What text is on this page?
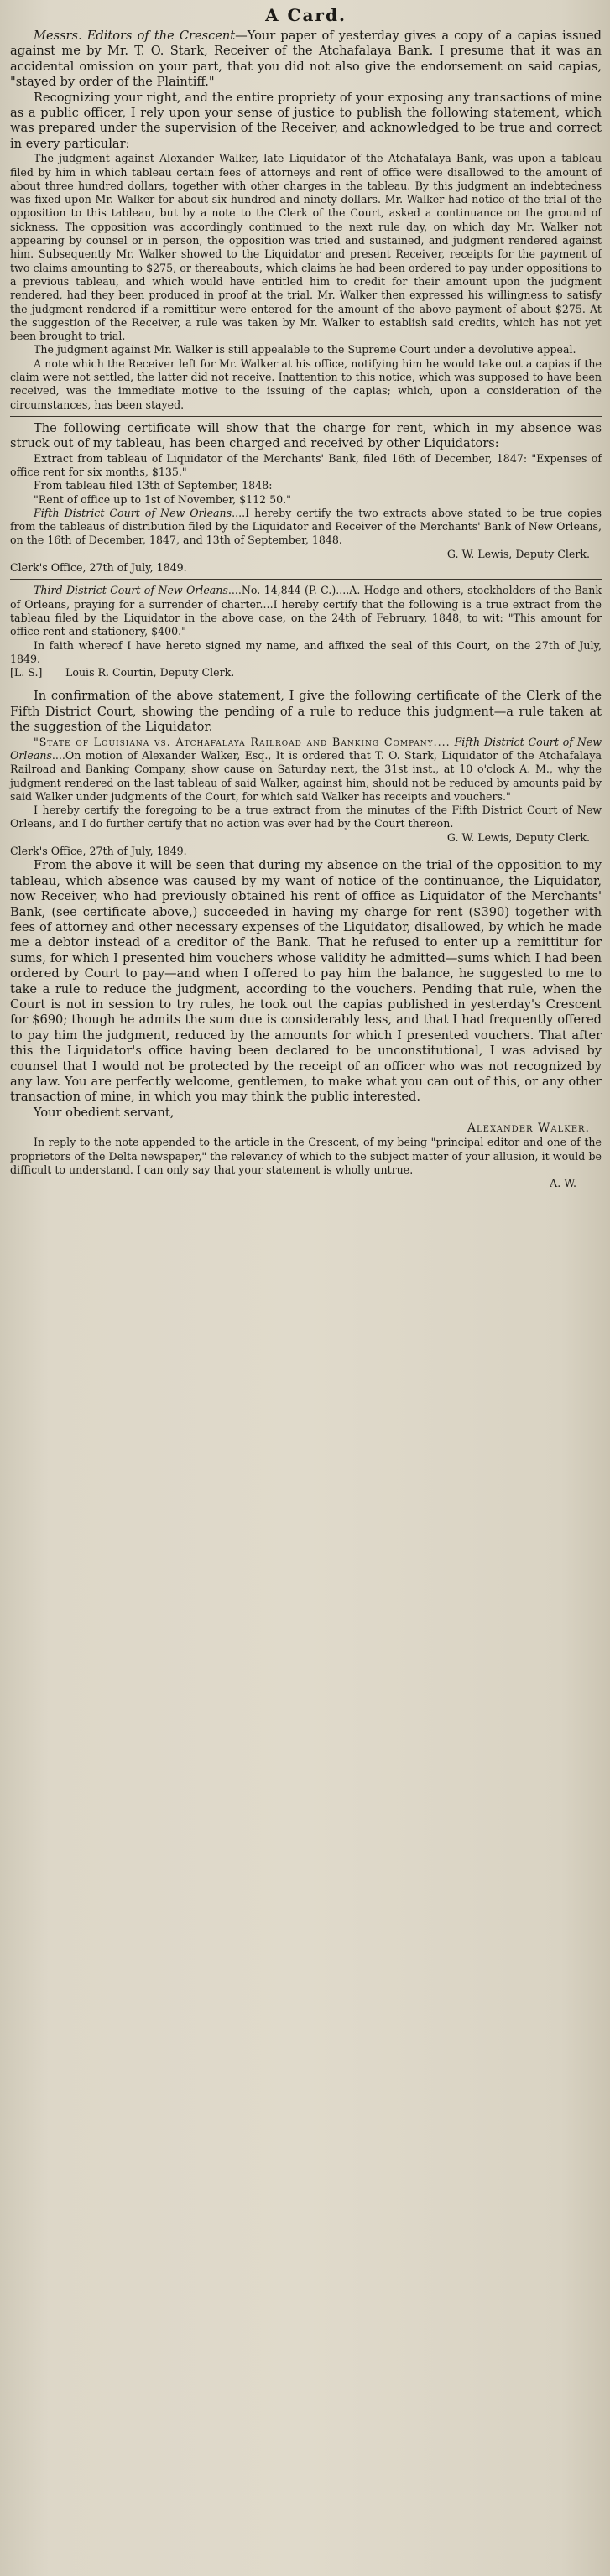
A Card.

Messrs. Editors of the Crescent—Your paper of yesterday gives a copy of a capias issued against me by Mr. T. O. Stark, Receiver of the Atchafalaya Bank. I presume that it was an accidental omission on your part, that you did not also give the endorsement on said capias, "stayed by order of the Plaintiff."

Recognizing your right, and the entire propriety of your exposing any transactions of mine as a public officer, I rely upon your sense of justice to publish the following statement, which was prepared under the supervision of the Receiver, and acknowledged to be true and correct in every particular:

The judgment against Alexander Walker, late Liquidator of the Atchafalaya Bank, was upon a tableau filed by him in which tableau certain fees of attorneys and rent of office were disallowed to the amount of about three hundred dollars, together with other charges in the tableau. By this judgment an indebtedness was fixed upon Mr. Walker for about six hundred and ninety dollars. Mr. Walker had notice of the trial of the opposition to this tableau, but by a note to the Clerk of the Court, asked a continuance on the ground of sickness. The opposition was accordingly continued to the next rule day, on which day Mr. Walker not appearing by counsel or in person, the opposition was tried and sustained, and judgment rendered against him. Subsequently Mr. Walker showed to the Liquidator and present Receiver, receipts for the payment of two claims amounting to $275, or thereabouts, which claims he had been ordered to pay under oppositions to a previous tableau, and which would have entitled him to credit for their amount upon the judgment rendered, had they been produced in proof at the trial. Mr. Walker then expressed his willingness to satisfy the judgment rendered if a remittitur were entered for the amount of the above payment of about $275. At the suggestion of the Receiver, a rule was taken by Mr. Walker to establish said credits, which has not yet been brought to trial.

The judgment against Mr. Walker is still appealable to the Supreme Court under a devolutive appeal.

A note which the Receiver left for Mr. Walker at his office, notifying him he would take out a capias if the claim were not settled, the latter did not receive. Inattention to this notice, which was supposed to have been received, was the immediate motive to the issuing of the capias; which, upon a consideration of the circumstances, has been stayed.

The following certificate will show that the charge for rent, which in my absence was struck out of my tableau, has been charged and received by other Liquidators:

Extract from tableau of Liquidator of the Merchants' Bank, filed 16th of December, 1847: "Expenses of office rent for six months, $135."

From tableau filed 13th of September, 1848:

"Rent of office up to 1st of November, $112 50."

Fifth District Court of New Orleans....I hereby certify the two extracts above stated to be true copies from the tableaus of distribution filed by the Liquidator and Receiver of the Merchants' Bank of New Orleans, on the 16th of December, 1847, and 13th of September, 1848.

G. W. Lewis, Deputy Clerk.

Clerk's Office, 27th of July, 1849.

Third District Court of New Orleans....No. 14,844 (P. C.)....A. Hodge and others, stockholders of the Bank of Orleans, praying for a surrender of charter....I hereby certify that the following is a true extract from the tableau filed by the Liquidator in the above case, on the 24th of February, 1848, to wit: "This amount for office rent and stationery, $400."

In faith whereof I have hereto signed my name, and affixed the seal of this Court, on the 27th of July, 1849.

[L. S.] Louis R. Courtin, Deputy Clerk.

In confirmation of the above statement, I give the following certificate of the Clerk of the Fifth District Court, showing the pending of a rule to reduce this judgment—a rule taken at the suggestion of the Liquidator.

"State of Louisiana vs. Atchafalaya Railroad and Banking Company.... Fifth District Court of New Orleans....On motion of Alexander Walker, Esq., It is ordered that T. O. Stark, Liquidator of the Atchafalaya Railroad and Banking Company, show cause on Saturday next, the 31st inst., at 10 o'clock A. M., why the judgment rendered on the last tableau of said Walker, against him, should not be reduced by amounts paid by said Walker under judgments of the Court, for which said Walker has receipts and vouchers."

I hereby certify the foregoing to be a true extract from the minutes of the Fifth District Court of New Orleans, and I do further certify that no action was ever had by the Court thereon.

G. W. Lewis, Deputy Clerk.

Clerk's Office, 27th of July, 1849.

From the above it will be seen that during my absence on the trial of the opposition to my tableau, which absence was caused by my want of notice of the continuance, the Liquidator, now Receiver, who had previously obtained his rent of office as Liquidator of the Merchants' Bank, (see certificate above,) succeeded in having my charge for rent ($390) together with fees of attorney and other necessary expenses of the Liquidator, disallowed, by which he made me a debtor instead of a creditor of the Bank. That he refused to enter up a remittitur for sums, for which I presented him vouchers whose validity he admitted—sums which I had been ordered by Court to pay—and when I offered to pay him the balance, he suggested to me to take a rule to reduce the judgment, according to the vouchers. Pending that rule, when the Court is not in session to try rules, he took out the capias published in yesterday's Crescent for $690; though he admits the sum due is considerably less, and that I had frequently offered to pay him the judgment, reduced by the amounts for which I presented vouchers. That after this the Liquidator's office having been declared to be unconstitutional, I was advised by counsel that I would not be protected by the receipt of an officer who was not recognized by any law. You are perfectly welcome, gentlemen, to make what you can out of this, or any other transaction of mine, in which you may think the public interested.

Your obedient servant,

Alexander Walker.

In reply to the note appended to the article in the Crescent, of my being "principal editor and one of the proprietors of the Delta newspaper," the relevancy of which to the subject matter of your allusion, it would be difficult to understand. I can only say that your statement is wholly untrue.

A. W.
